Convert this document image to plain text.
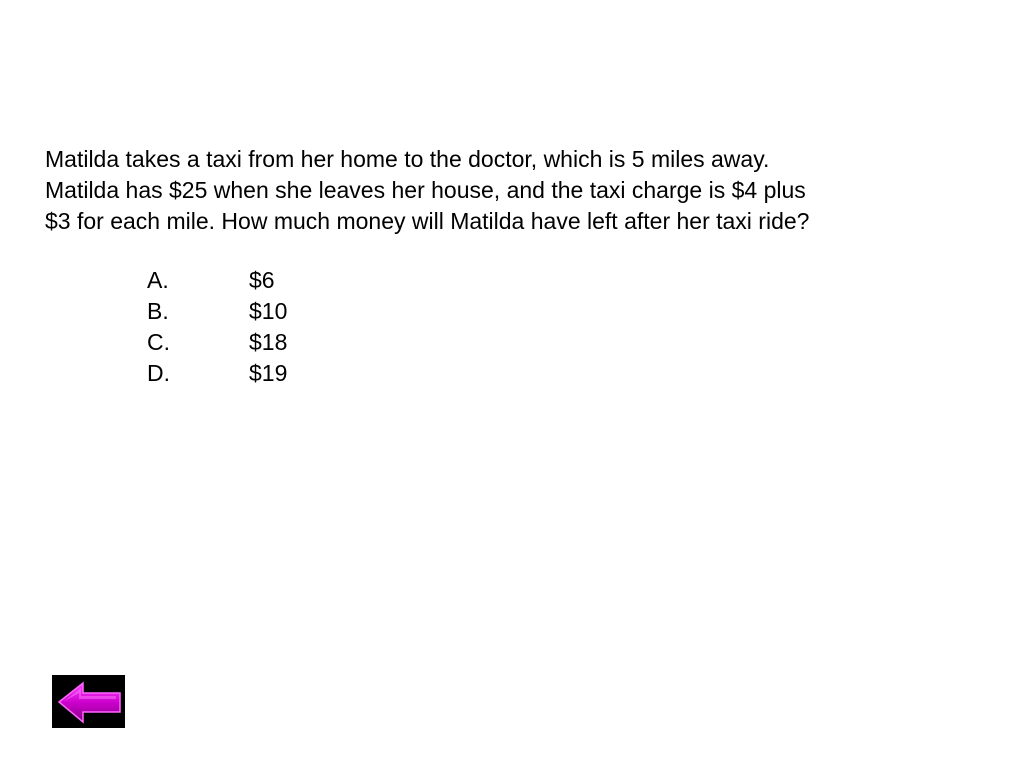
Matilda takes a taxi from her home to the doctor, which is 5 miles away.
Matilda has $25 when she leaves her house, and the taxi charge is $4 plus
$3 for each mile. How much money will Matilda have left after her taxi ride?
A.	$6
B.	$10
C.	$18
D.	$19
